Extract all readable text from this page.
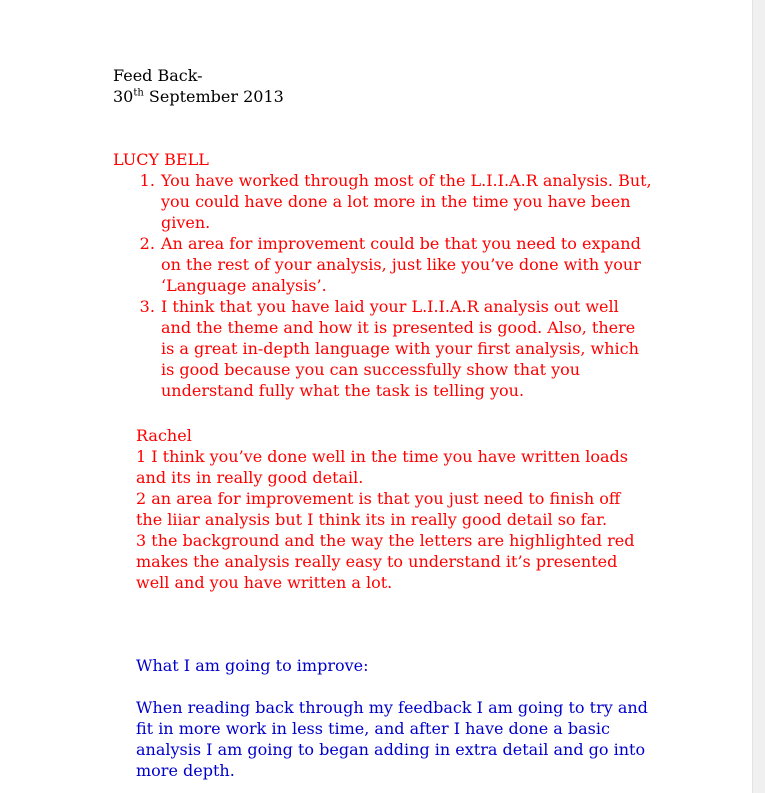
Feed Back-
30th September 2013
LUCY BELL
1. You have worked through most of the L.I.I.A.R analysis. But, you could have done a lot more in the time you have been given.
2. An area for improvement could be that you need to expand on the rest of your analysis, just like you’ve done with your ‘Language analysis’.
3. I think that you have laid your L.I.I.A.R analysis out well and the theme and how it is presented is good. Also, there is a great in-depth language with your first analysis, which is good because you can successfully show that you understand fully what the task is telling you.
Rachel
1 I think you’ve done well in the time you have written loads and its in really good detail.
2 an area for improvement is that you just need to finish off the liiar analysis but I think its in really good detail so far.
3 the background and the way the letters are highlighted red makes the analysis really easy to understand it’s presented well and you have written a lot.
What I am going to improve:
When reading back through my feedback I am going to try and fit in more work in less time, and after I have done a basic analysis I am going to began adding in extra detail and go into more depth.
